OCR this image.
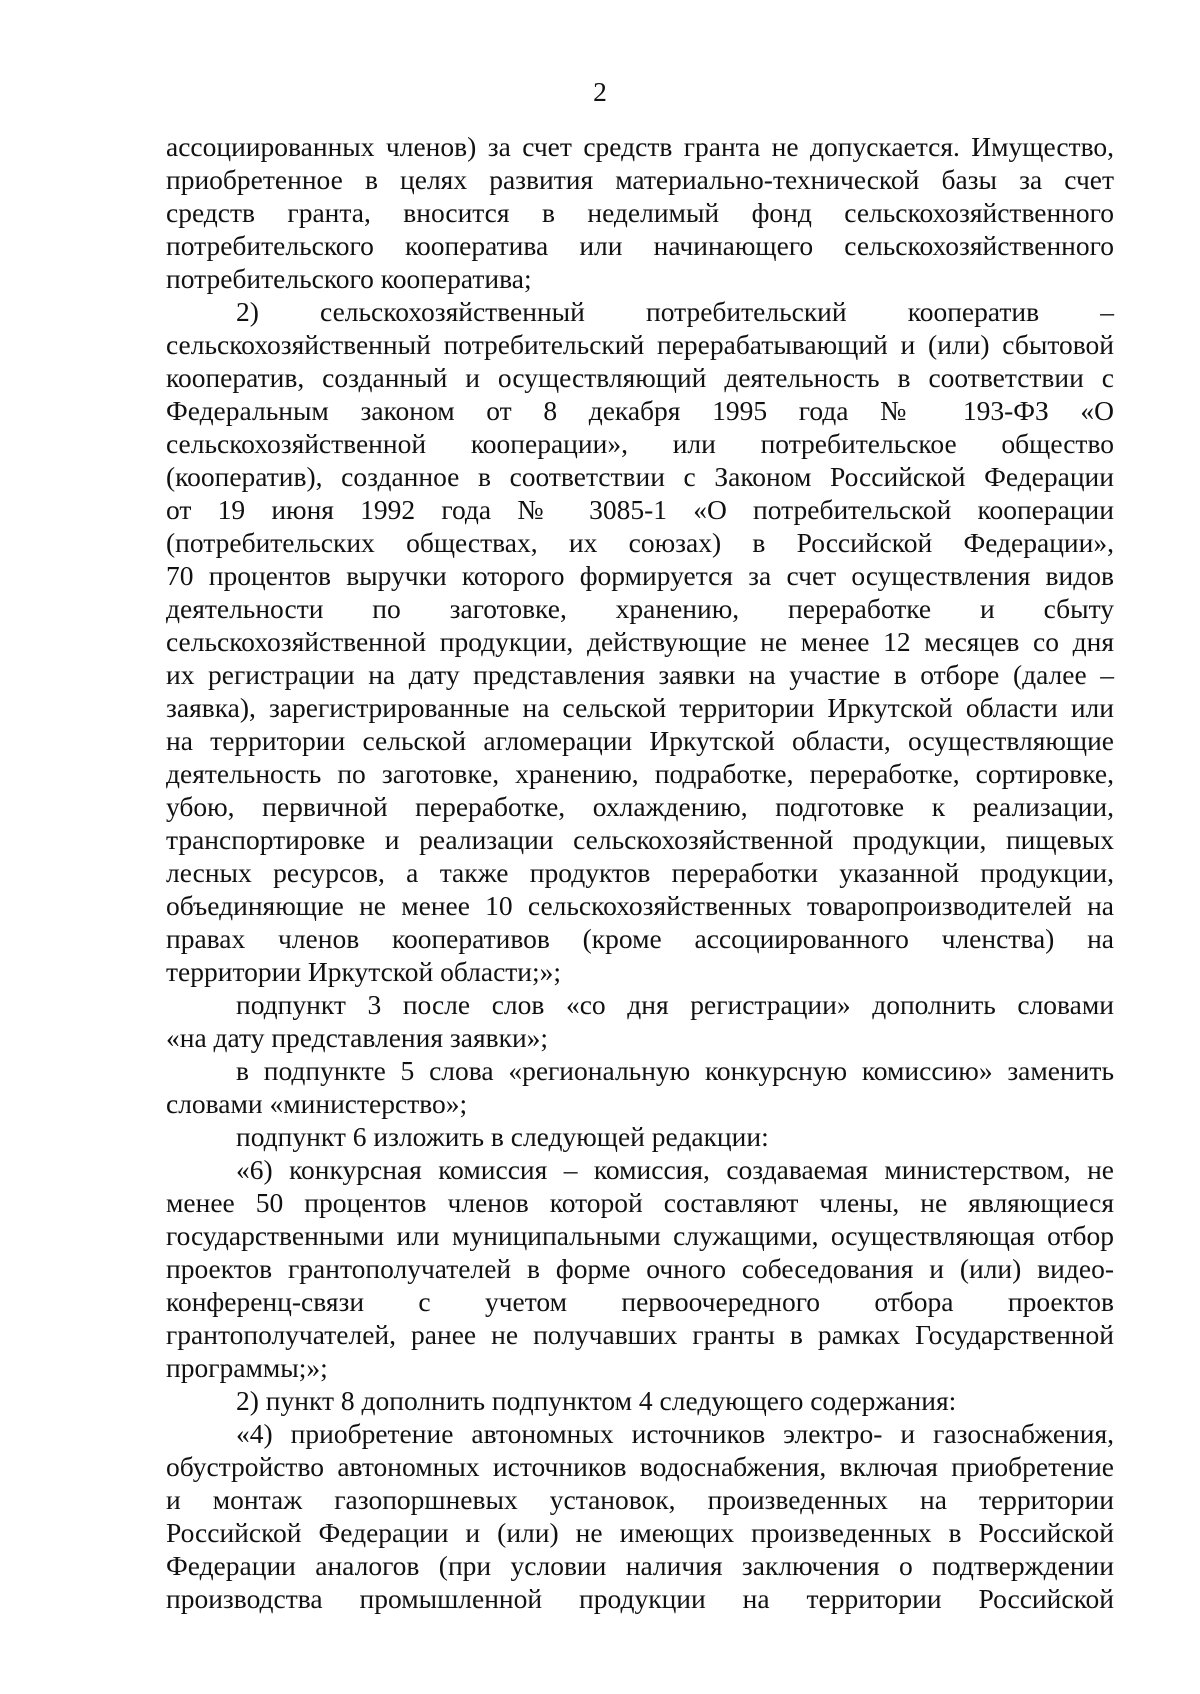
2
ассоциированных членов) за счет средств гранта не допускается. Имущество,
приобретенное в целях развития материально-технической базы за счет
средств гранта, вносится в неделимый фонд сельскохозяйственного
потребительского кооператива или начинающего сельскохозяйственного
потребительского кооператива;
2) сельскохозяйственный потребительский кооператив –
сельскохозяйственный потребительский перерабатывающий и (или) сбытовой
кооператив, созданный и осуществляющий деятельность в соответствии с
Федеральным законом от 8 декабря 1995 года № 193-ФЗ «О
сельскохозяйственной кооперации», или потребительское общество
(кооператив), созданное в соответствии с Законом Российской Федерации
от 19 июня 1992 года № 3085-1 «О потребительской кооперации
(потребительских обществах, их союзах) в Российской Федерации»,
70 процентов выручки которого формируется за счет осуществления видов
деятельности по заготовке, хранению, переработке и сбыту
сельскохозяйственной продукции, действующие не менее 12 месяцев со дня
их регистрации на дату представления заявки на участие в отборе (далее –
заявка), зарегистрированные на сельской территории Иркутской области или
на территории сельской агломерации Иркутской области, осуществляющие
деятельность по заготовке, хранению, подработке, переработке, сортировке,
убою, первичной переработке, охлаждению, подготовке к реализации,
транспортировке и реализации сельскохозяйственной продукции, пищевых
лесных ресурсов, а также продуктов переработки указанной продукции,
объединяющие не менее 10 сельскохозяйственных товаропроизводителей на
правах членов кооперативов (кроме ассоциированного членства) на
территории Иркутской области;»;
подпункт 3 после слов «со дня регистрации» дополнить словами
«на дату представления заявки»;
в подпункте 5 слова «региональную конкурсную комиссию» заменить
словами «министерство»;
подпункт 6 изложить в следующей редакции:
«6) конкурсная комиссия – комиссия, создаваемая министерством, не
менее 50 процентов членов которой составляют члены, не являющиеся
государственными или муниципальными служащими, осуществляющая отбор
проектов грантополучателей в форме очного собеседования и (или) видео-
конференц-связи с учетом первоочередного отбора проектов
грантополучателей, ранее не получавших гранты в рамках Государственной
программы;»;
2) пункт 8 дополнить подпунктом 4 следующего содержания:
«4) приобретение автономных источников электро- и газоснабжения,
обустройство автономных источников водоснабжения, включая приобретение
и монтаж газопоршневых установок, произведенных на территории
Российской Федерации и (или) не имеющих произведенных в Российской
Федерации аналогов (при условии наличия заключения о подтверждении
производства промышленной продукции на территории Российской
